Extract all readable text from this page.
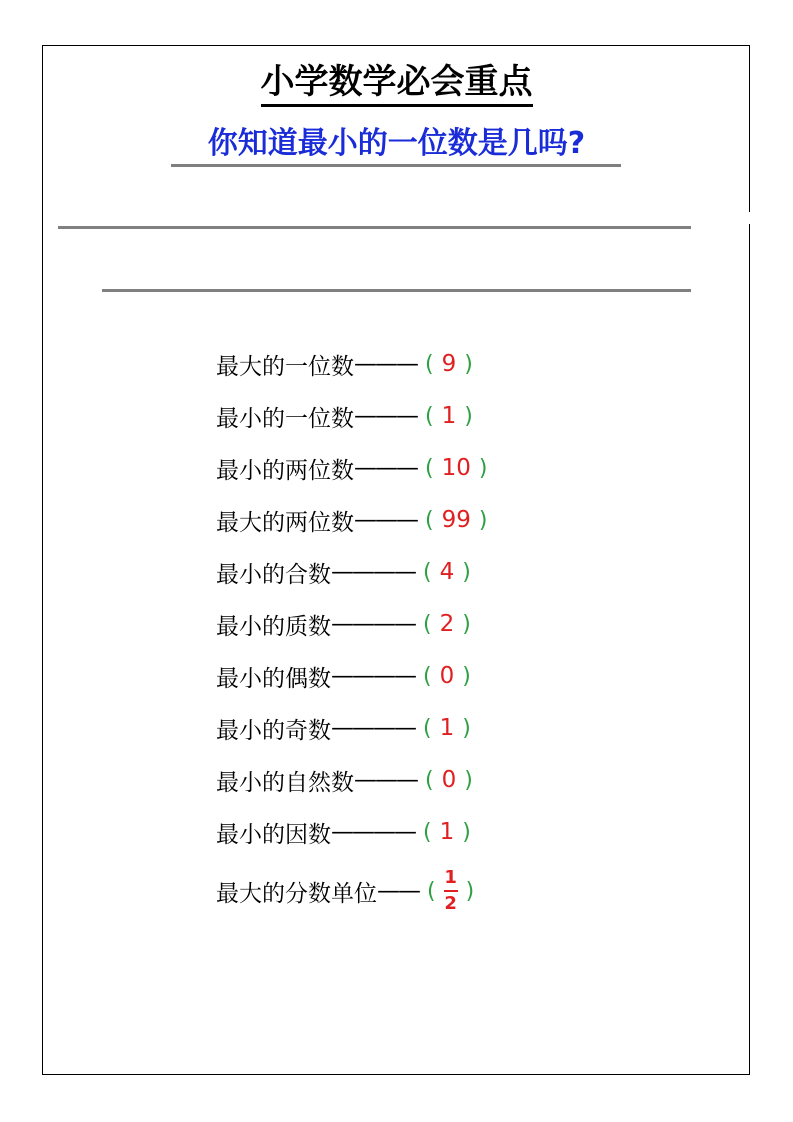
小学数学必会重点
你知道最小的一位数是几吗?
最大的一位数 ——— ( 9 )
最小的一位数 ——— ( 1 )
最小的两位数 ——— ( 10 )
最大的两位数 ——— ( 99 )
最小的合数 ———— ( 4 )
最小的质数 ———— ( 2 )
最小的偶数 ———— ( 0 )
最小的奇数 ———— ( 1 )
最小的自然数 ——— ( 0 )
最小的因数 ———— ( 1 )
最大的分数单位 —— ( $\frac{1}{2}$ )
